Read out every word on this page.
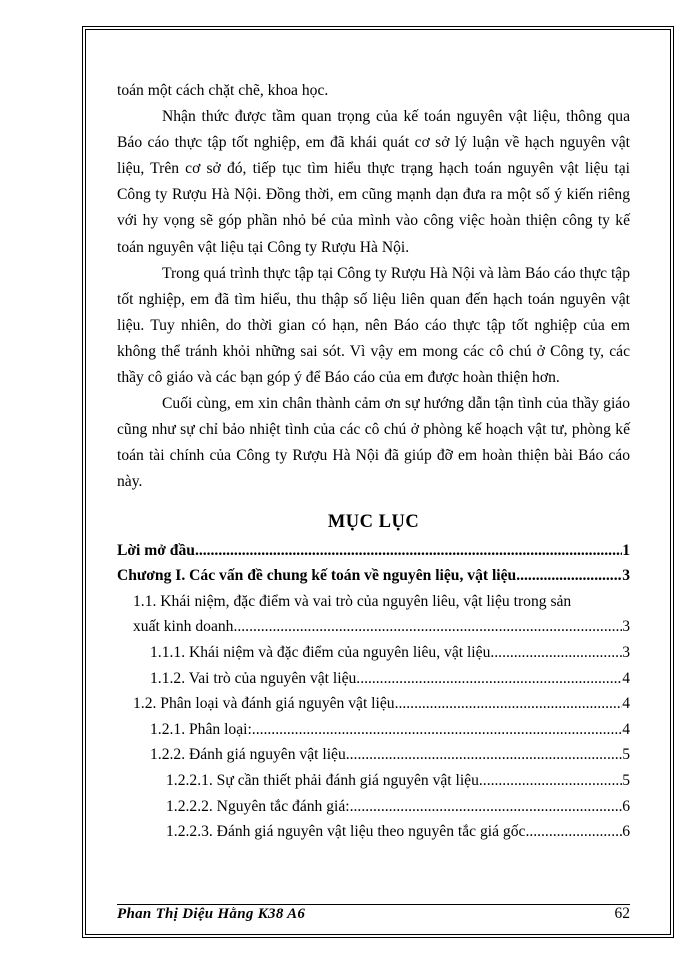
toán một cách chặt chẽ, khoa học.

Nhận thức được tầm quan trọng của kế toán nguyên vật liệu, thông qua Báo cáo thực tập tốt nghiệp, em đã khái quát cơ sở lý luận về hạch nguyên vật liệu, Trên cơ sở đó, tiếp tục tìm hiểu thực trạng hạch toán nguyên vật liệu tại Công ty Rượu Hà Nội. Đồng thời, em cũng mạnh dạn đưa ra một số ý kiến riêng với hy vọng sẽ góp phần nhỏ bé của mình vào công việc hoàn thiện công ty kế toán nguyên vật liệu tại Công ty Rượu Hà Nội.

Trong quá trình thực tập tại Công ty Rượu Hà Nội và làm Báo cáo thực tập tốt nghiệp, em đã tìm hiểu, thu thập số liệu liên quan đến hạch toán nguyên vật liệu. Tuy nhiên, do thời gian có hạn, nên Báo cáo thực tập tốt nghiệp của em không thể tránh khỏi những sai sót. Vì vậy em mong các cô chú ở Công ty, các thầy cô giáo và các bạn góp ý để Báo cáo của em được hoàn thiện hơn.

Cuối cùng, em xin chân thành cảm ơn sự hướng dẫn tận tình của thầy giáo cũng như sự chỉ bảo nhiệt tình của các cô chú ở phòng kế hoạch vật tư, phòng kế toán tài chính của Công ty Rượu Hà Nội đã giúp đỡ em hoàn thiện bài Báo cáo này.

MỤC LỤC
Lời mở đầu .....	1
Chương I. Các vấn đề chung kế toán về nguyên liệu, vật liệu .....	3
1.1. Khái niệm, đặc điểm và vai trò của nguyên liêu, vật liệu trong sản
xuất kinh doanh. .....	3
1.1.1. Khái niệm và đặc điểm của nguyên liêu, vật liệu. .....	3
1.1.2. Vai trò của nguyên vật liệu. .....	4
1.2. Phân loại và đánh giá nguyên vật liệu. .....	4
1.2.1. Phân loại: .....	4
1.2.2. Đánh giá nguyên vật liệu. .....	5
1.2.2.1. Sự cần thiết phải đánh giá nguyên vật liệu. .....	5
1.2.2.2. Nguyên tắc đánh giá: .....	6
1.2.2.3. Đánh giá nguyên vật liệu theo nguyên tắc giá gốc .....	6
Phan Thị Diệu Hằng K38 A6	62
